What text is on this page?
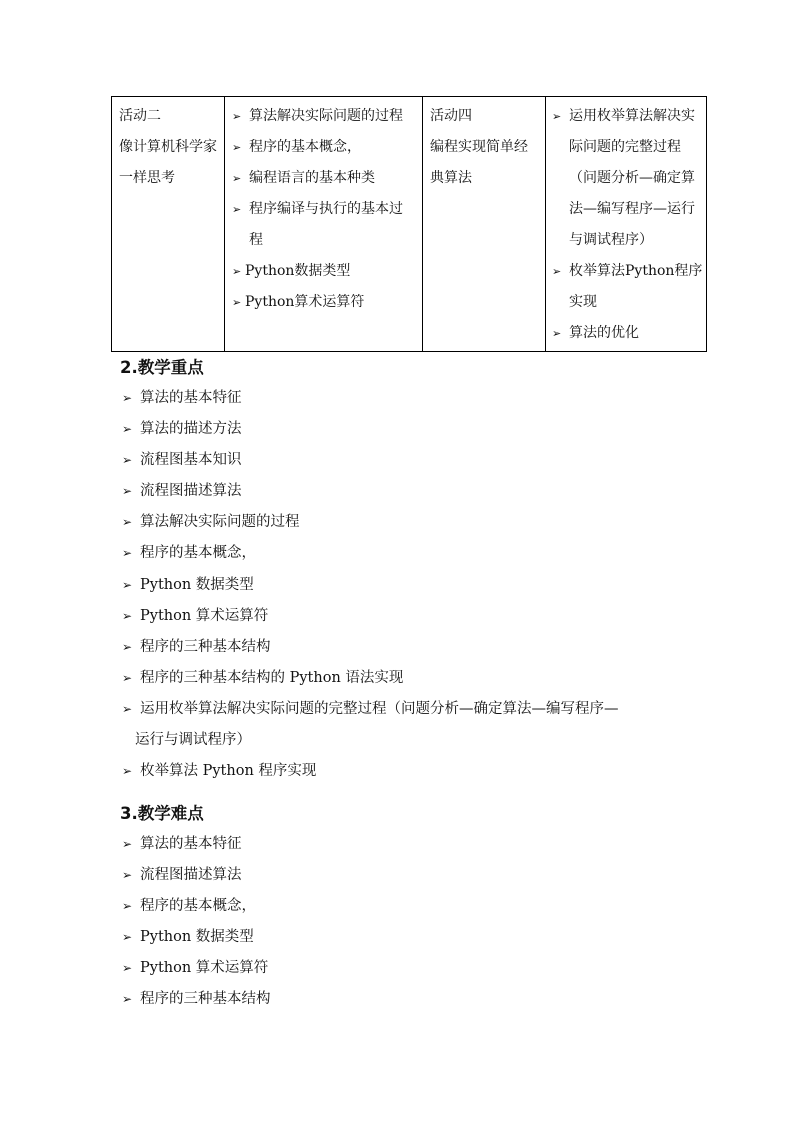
活动二
像计算机科学家
一样思考

➢ 算法解决实际问题的过程
➢ 程序的基本概念，
➢ 编程语言的基本种类
➢ 程序编译与执行的基本过
程
➢ Python数据类型
➢ Python算术运算符

活动四
编程实现简单经
典算法

➢ 运用枚举算法解决实
际问题的完整过程
（问题分析—确定算
法—编写程序—运行
与调试程序）
➢ 枚举算法Python程序
实现
➢ 算法的优化
2.教学重点
➢ 算法的基本特征
➢ 算法的描述方法
➢ 流程图基本知识
➢ 流程图描述算法
➢ 算法解决实际问题的过程
➢ 程序的基本概念，
➢ Python 数据类型
➢ Python 算术运算符
➢ 程序的三种基本结构
➢ 程序的三种基本结构的 Python 语法实现
➢ 运用枚举算法解决实际问题的完整过程（问题分析—确定算法—编写程序—
运行与调试程序）
➢ 枚举算法 Python 程序实现
3.教学难点
➢ 算法的基本特征
➢ 流程图描述算法
➢ 程序的基本概念，
➢ Python 数据类型
➢ Python 算术运算符
➢ 程序的三种基本结构
